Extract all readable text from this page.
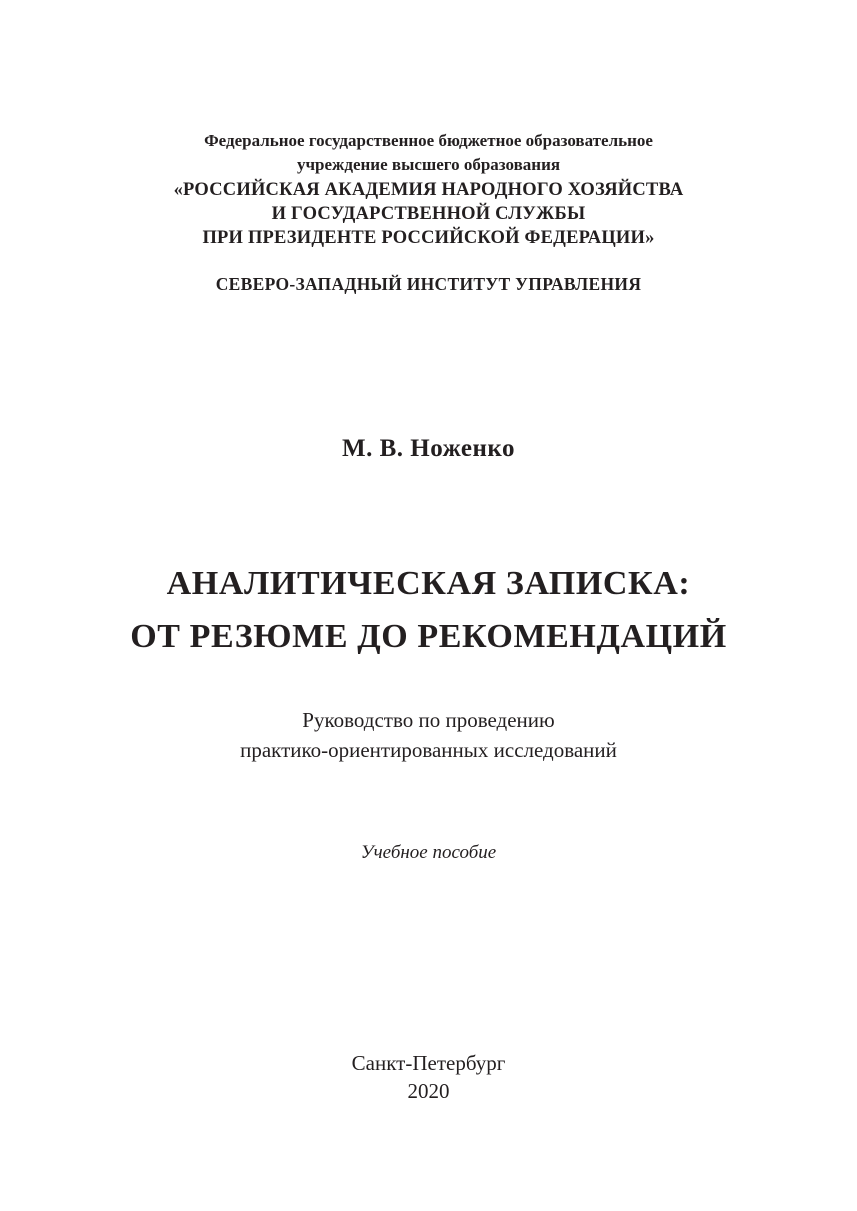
Федеральное государственное бюджетное образовательное
учреждение высшего образования
«РОССИЙСКАЯ АКАДЕМИЯ НАРОДНОГО ХОЗЯЙСТВА
И ГОСУДАРСТВЕННОЙ СЛУЖБЫ
ПРИ ПРЕЗИДЕНТЕ РОССИЙСКОЙ ФЕДЕРАЦИИ»
СЕВЕРО-ЗАПАДНЫЙ ИНСТИТУТ УПРАВЛЕНИЯ
М. В. Ноженко
АНАЛИТИЧЕСКАЯ ЗАПИСКА:
ОТ РЕЗЮМЕ ДО РЕКОМЕНДАЦИЙ
Руководство по проведению
практико-ориентированных исследований
Учебное пособие
Санкт-Петербург
2020
